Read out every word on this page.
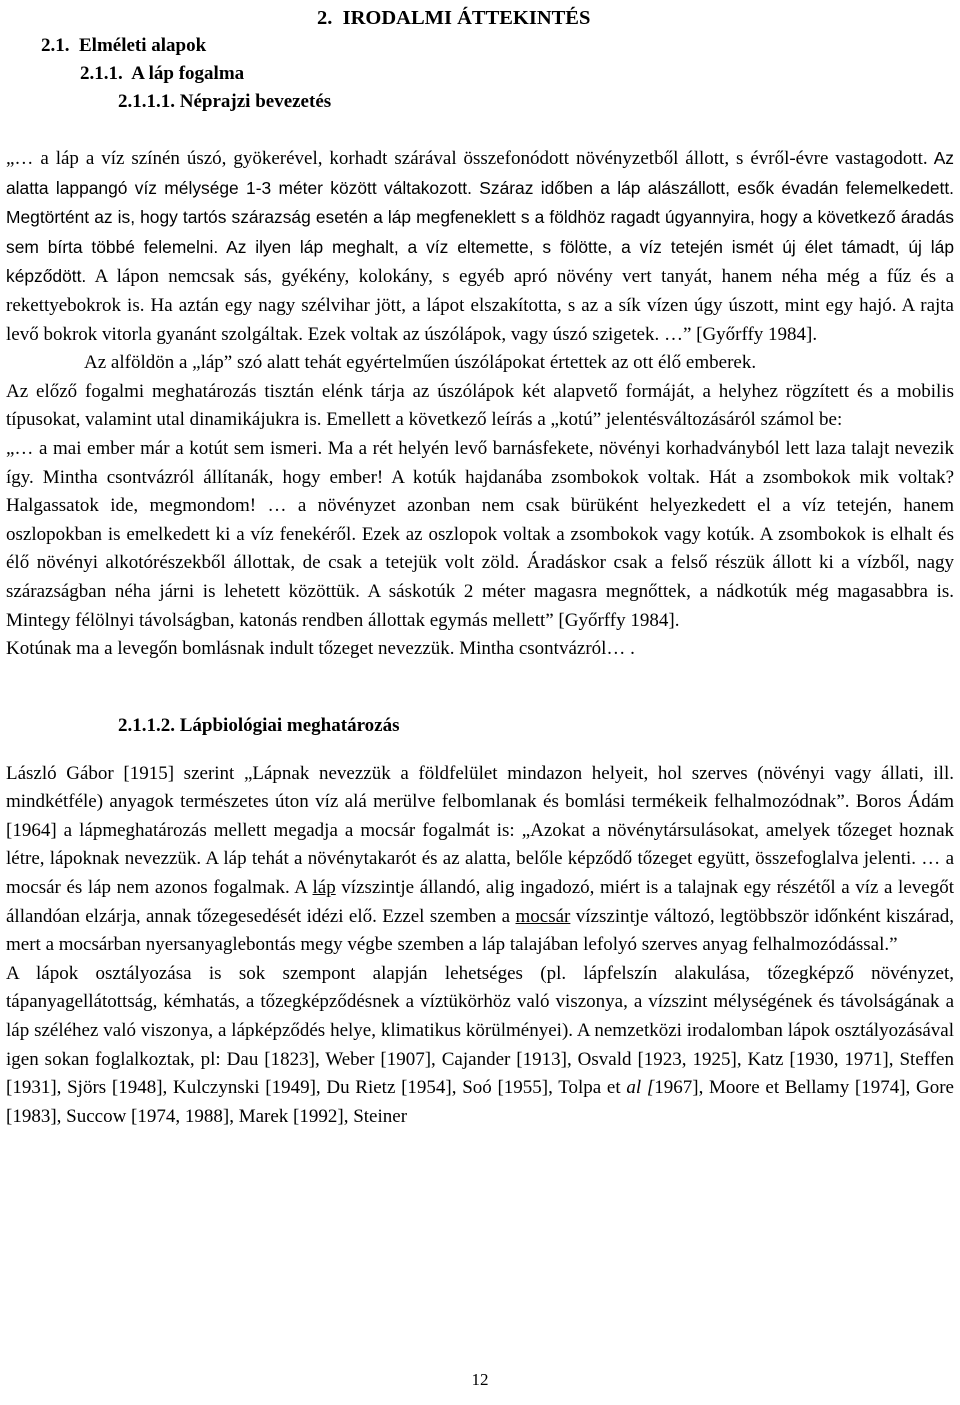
2.  IRODALMI ÁTTEKINTÉS
2.1.  Elméleti alapok
2.1.1.  A láp fogalma
2.1.1.1. Néprajzi bevezetés

„… a láp a víz színén úszó, gyökerével, korhadt szárával összefonódott növényzetből állott, s évről-évre vastagodott. Az alatta lappangó víz mélysége 1-3 méter között váltakozott. Száraz időben a láp alászállott, esők évadán felemelkedett. Megtörtént az is, hogy tartós szárazság esetén a láp megfeneklett s a földhöz ragadt úgyannyira, hogy a következő áradás sem bírta többé felemelni. Az ilyen láp meghalt, a víz eltemette, s fölötte, a víz tetején ismét új élet támadt, új láp képződött. A lápon nemcsak sás, gyékény, kolokány, s egyéb apró növény vert tanyát, hanem néha még a fűz és a rekettyebokrok is. Ha aztán egy nagy szélvihar jött, a lápot elszakította, s az a sík vízen úgy úszott, mint egy hajó. A rajta levő bokrok vitorla gyanánt szolgáltak. Ezek voltak az úszólápok, vagy úszó szigetek. …” [Győrffy 1984].

Az alföldön a „láp” szó alatt tehát egyértelműen úszólápokat értettek az ott élő emberek.

Az előző fogalmi meghatározás tisztán elénk tárja az úszólápok két alapvető formáját, a helyhez rögzített és a mobilis típusokat, valamint utal dinamikájukra is. Emellett a következő leírás a „kotú” jelentésváltozásáról számol be:

„… a mai ember már a kotút sem ismeri. Ma a rét helyén levő barnásfekete, növényi korhadványból lett laza talajt nevezik így. Mintha csontvázról állítanák, hogy ember! A kotúk hajdanába zsombokok voltak. Hát a zsombokok mik voltak? Halgassatok ide, megmondom! … a növényzet azonban nem csak bürüként helyezkedett el a víz tetején, hanem oszlopokban is emelkedett ki a víz fenekéről. Ezek az oszlopok voltak a zsombokok vagy kotúk. A zsombokok is elhalt és élő növényi alkotórészekből állottak, de csak a tetejük volt zöld. Áradáskor csak a felső részük állott ki a vízből, nagy szárazságban néha járni is lehetett közöttük. A sáskotúk 2 méter magasra megnőttek, a nádkotúk még magasabbra is. Mintegy félölnyi távolságban, katonás rendben állottak egymás mellett” [Győrffy 1984].

Kotúnak ma a levegőn bomlásnak indult tőzeget nevezzük. Mintha csontvázról… .

2.1.1.2. Lápbiológiai meghatározás

László Gábor [1915] szerint „Lápnak nevezzük a földfelület mindazon helyeit, hol szerves (növényi vagy állati, ill. mindkétféle) anyagok természetes úton víz alá merülve felbomlanak és bomlási termékeik felhalmozódnak”. Boros Ádám [1964] a lápmeghatározás mellett megadja a mocsár fogalmát is: „Azokat a növénytársulásokat, amelyek tőzeget hoznak létre, lápoknak nevezzük. A láp tehát a növénytakarót és az alatta, belőle képződő tőzeget együtt, összefoglalva jelenti. … a mocsár és láp nem azonos fogalmak. A láp vízszintje állandó, alig ingadozó, miért is a talajnak egy részétől a víz a levegőt állandóan elzárja, annak tőzegesedését idézi elő. Ezzel szemben a mocsár vízszintje változó, legtöbbször időnként kiszárad, mert a mocsárban nyersanyaglebontás megy végbe szemben a láp talajában lefolyó szerves anyag felhalmozódással.”

A lápok osztályozása is sok szempont alapján lehetséges (pl. lápfelszín alakulása, tőzegképző növényzet, tápanyagellátottság, kémhatás, a tőzegképződésnek a víztükörhöz való viszonya, a vízszint mélységének és távolságának a láp széléhez való viszonya, a lápképződés helye, klimatikus körülményei). A nemzetközi irodalomban lápok osztályozásával igen sokan foglalkoztak, pl: Dau [1823], Weber [1907], Cajander [1913], Osvald [1923, 1925], Katz [1930, 1971], Steffen [1931], Sjörs [1948], Kulczynski [1949], Du Rietz [1954], Soó [1955], Tolpa et al [1967], Moore et Bellamy [1974], Gore [1983], Succow [1974, 1988], Marek [1992], Steiner

12
